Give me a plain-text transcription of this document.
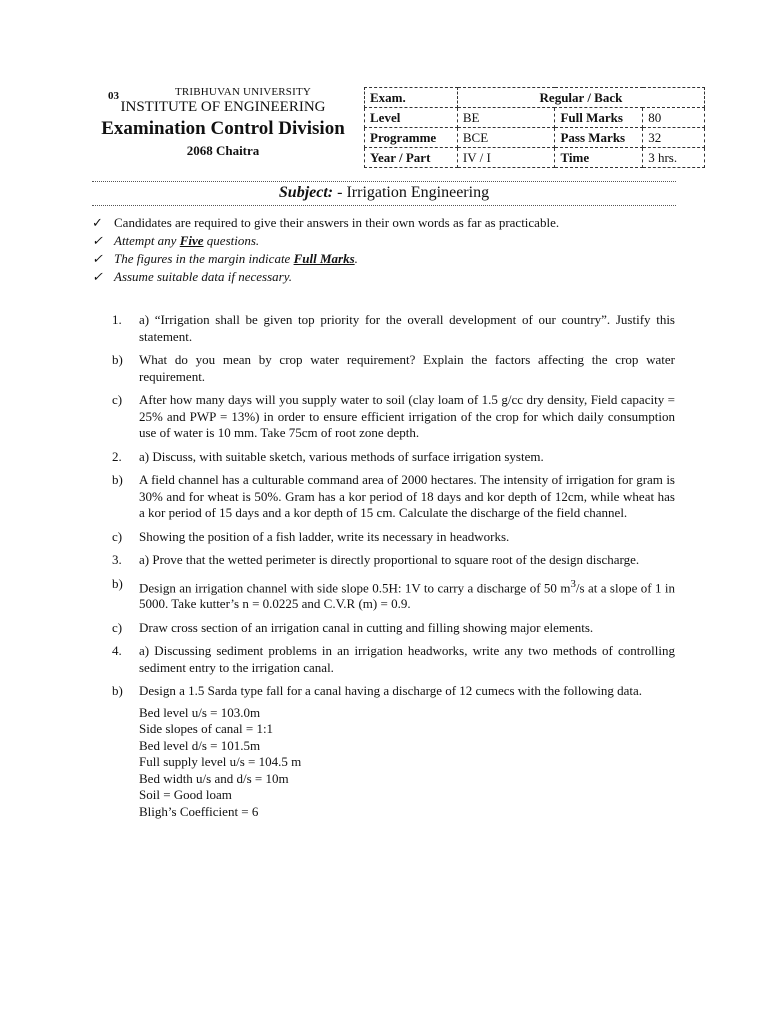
03	TRIBHUVAN UNIVERSITY
INSTITUTE OF ENGINEERING
Examination Control Division
2068 Chaitra
Exam.	Regular / Back		
Level	BE	Full Marks	80
Programme	BCE	Pass Marks	32
Year / Part	IV / I	Time	3 hrs.
Subject: - Irrigation Engineering
✓ Candidates are required to give their answers in their own words as far as practicable.
✓ Attempt any Five questions.
✓ The figures in the margin indicate Full Marks.
✓ Assume suitable data if necessary.
1. a) “Irrigation shall be given top priority for the overall development of our country”. Justify this statement.
b) What do you mean by crop water requirement? Explain the factors affecting the crop water requirement.
c) After how many days will you supply water to soil (clay loam of 1.5 g/cc dry density, Field capacity = 25% and PWP = 13%) in order to ensure efficient irrigation of the crop for which daily consumption use of water is 10 mm. Take 75cm of root zone depth.
2. a) Discuss, with suitable sketch, various methods of surface irrigation system.
b) A field channel has a culturable command area of 2000 hectares. The intensity of irrigation for gram is 30% and for wheat is 50%. Gram has a kor period of 18 days and kor depth of 12cm, while wheat has a kor period of 15 days and a kor depth of 15 cm. Calculate the discharge of the field channel.
c) Showing the position of a fish ladder, write its necessary in headworks.
3. a) Prove that the wetted perimeter is directly proportional to square root of the design discharge.
b) Design an irrigation channel with side slope 0.5H: 1V to carry a discharge of 50 $m^3/s$ at a slope of 1 in 5000. Take kutter’s n = 0.0225 and C.V.R (m) = 0.9.
c) Draw cross section of an irrigation canal in cutting and filling showing major elements.
4. a) Discussing sediment problems in an irrigation headworks, write any two methods of controlling sediment entry to the irrigation canal.
b) Design a 1.5 Sarda type fall for a canal having a discharge of 12 cumecs with the following data.
Bed level u/s = 103.0m
Side slopes of canal = 1:1
Bed level d/s = 101.5m
Full supply level u/s = 104.5 m
Bed width u/s and d/s = 10m
Soil = Good loam
Bligh’s Coefficient = 6
